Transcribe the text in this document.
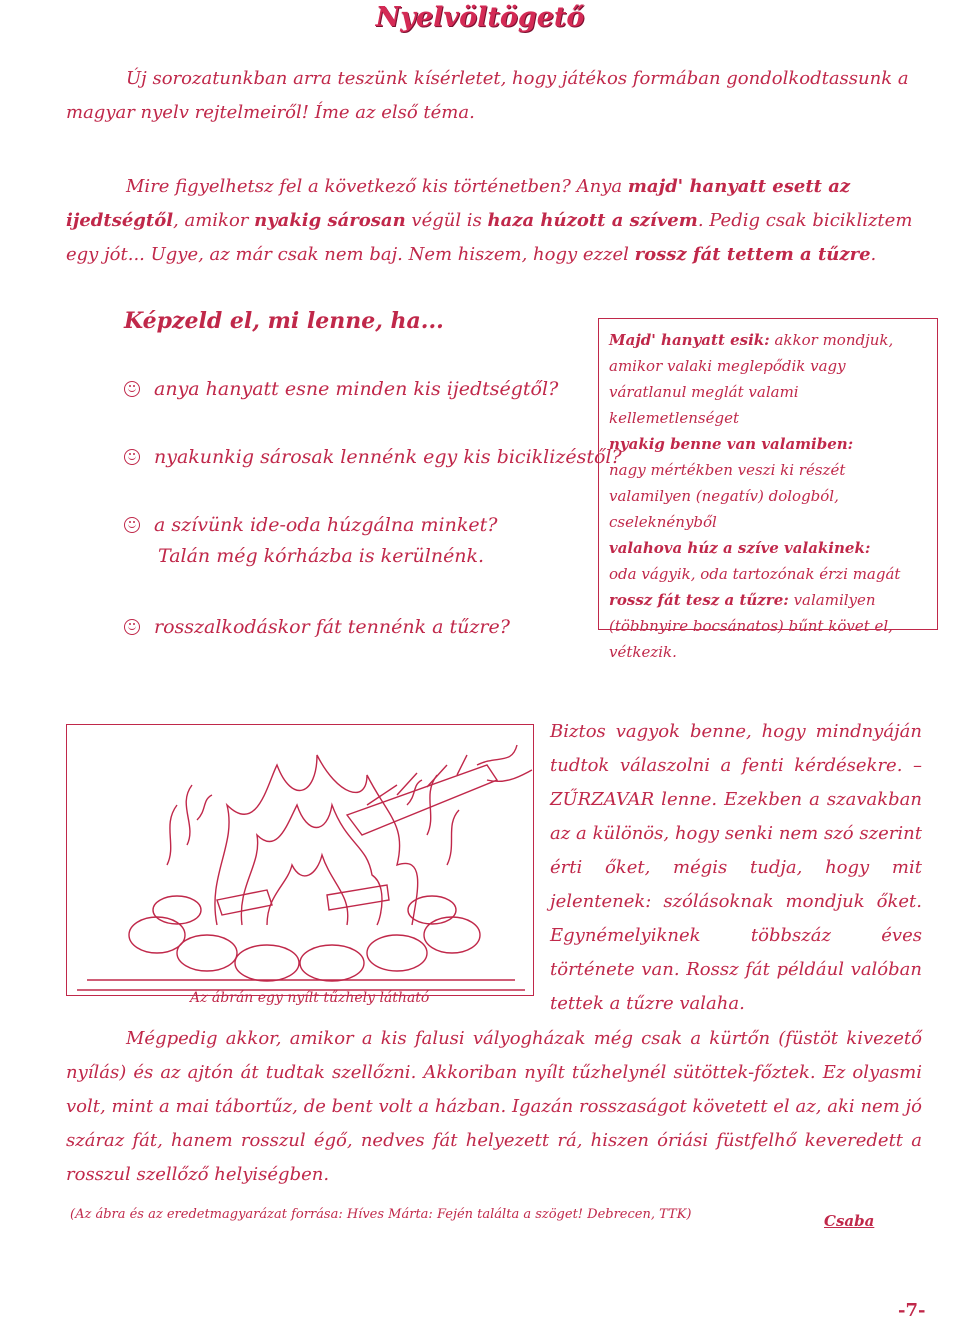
Nyelvöltögető
Új sorozatunkban arra teszünk kísérletet, hogy játékos formában gondolkodtassunk a magyar nyelv rejtelmeiről! Íme az első téma.
Mire figyelhetsz fel a következő kis történetben? Anya majd' hanyatt esett az ijedtségtől, amikor nyakig sárosan végül is haza húzott a szívem. Pedig csak bicikliztem egy jót... Ugye, az már csak nem baj. Nem hiszem, hogy ezzel rossz fát tettem a tűzre.
Képzeld el, mi lenne, ha...
anya hanyatt esne minden kis ijedtségtől?
nyakunkig sárosak lennénk egy kis biciklizéstől?
a szívünk ide-oda húzgálna minket?
Talán még kórházba is kerülnénk.
rosszalkodáskor fát tennénk a tűzre?
Majd' hanyatt esik: akkor mondjuk, amikor valaki meglepődik vagy váratlanul meglát valami kellemetlenséget
nyakig benne van valamiben:
nagy mértékben veszi ki részét valamilyen (negatív) dologból, cseleknényből
valahova húz a szíve valakinek:
oda vágyik, oda tartozónak érzi magát
rossz fát tesz a tűzre: valamilyen (többnyire bocsánatos) bűnt követ el, vétkezik.
Az ábrán egy nyílt tűzhely látható
Biztos vagyok benne, hogy mindnyáján tudtok válaszolni a fenti kérdésekre. – ZŰRZAVAR lenne. Ezekben a szavakban az a különös, hogy senki nem szó szerint érti őket, mégis tudja, hogy mit jelentenek: szólásoknak mondjuk őket. Egynémelyiknek többszáz éves története van. Rossz fát például valóban tettek a tűzre valaha.
Mégpedig akkor, amikor a kis falusi vályogházak még csak a kürtőn (füstöt kivezető nyílás) és az ajtón át tudtak szellőzni. Akkoriban nyílt tűzhelynél sütöttek-főztek. Ez olyasmi volt, mint a mai tábortűz, de bent volt a házban. Igazán rosszaságot követett el az, aki nem jó száraz fát, hanem rosszul égő, nedves fát helyezett rá, hiszen óriási füstfelhő keveredett a rosszul szellőző helyiségben.
(Az ábra és az eredetmagyarázat forrása: Híves Márta: Fején találta a szöget! Debrecen, TTK)	Csaba
-7-
